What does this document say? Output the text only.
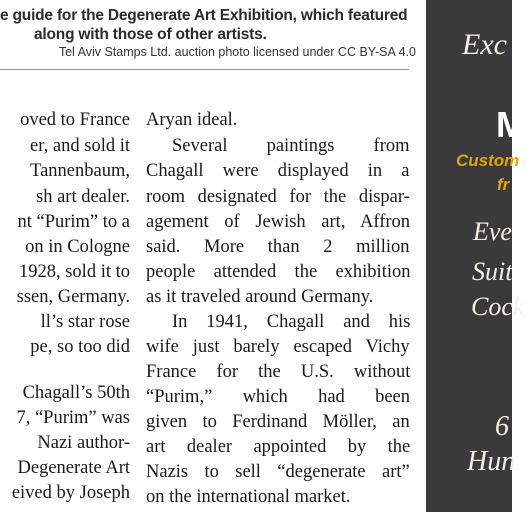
e guide for the Degenerate Art Exhibition, which featured
along with those of other artists.
Tel Aviv Stamps Ltd. auction photo licensed under CC BY-SA 4.0
oved to France
er, and sold it
Tannenbaum,
sh art dealer.
nt “Purim” to a
on in Cologne
1928, sold it to
ssen, Germany.
ll’s star rose
pe, so too did
Chagall’s 50th
7, “Purim” was
Nazi author-
Degenerate Art
eived by Joseph
Aryan ideal.
Several paintings from
Chagall were displayed in a
room designated for the dispar-
agement of Jewish art, Affron
said. More than 2 million
people attended the exhibition
as it traveled around Germany.
In 1941, Chagall and his
wife just barely escaped Vichy
France for the U.S. without
“Purim,” which had been
given to Ferdinand Möller, an
art dealer appointed by the
Nazis to sell “degenerate art”
on the international market.
Exc
M
Custom
fr
Eve
Suit
Cock
6
Hun
